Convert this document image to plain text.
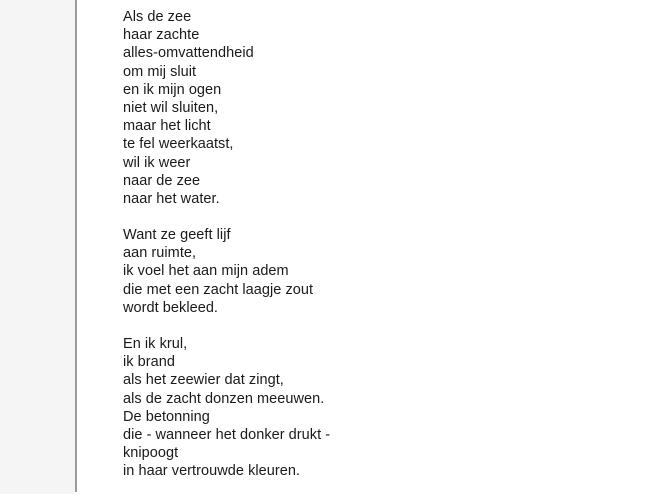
Als de zee
haar zachte
alles-omvattendheid
om mij sluit
en ik mijn ogen
niet wil sluiten,
maar het licht
te fel weerkaatst,
wil ik weer
naar de zee
naar het water.
Want ze geeft lijf
aan ruimte,
ik voel het aan mijn adem
die met een zacht laagje zout
wordt bekleed.
En ik krul,
ik brand
als het zeewier dat zingt,
als de zacht donzen meeuwen.
De betonning
die - wanneer het donker drukt -
knipoogt
in haar vertrouwde kleuren.
